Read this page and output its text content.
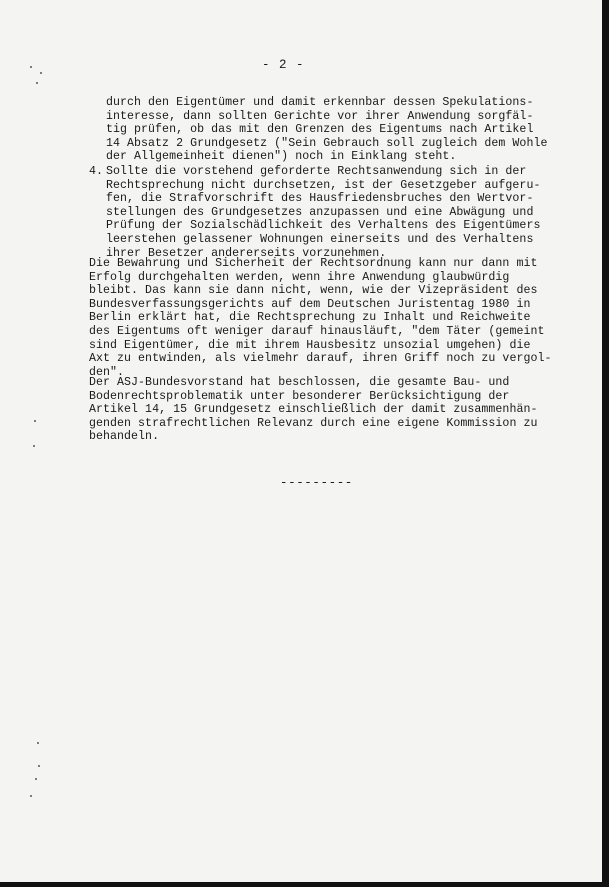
- 2 -

durch den Eigentümer und damit erkennbar dessen Spekulations-

interesse, dann sollten Gerichte vor ihrer Anwendung sorgfäl-

tig prüfen, ob das mit den Grenzen des Eigentums nach Artikel

14 Absatz 2 Grundgesetz ("Sein Gebrauch soll zugleich dem Wohle

der Allgemeinheit dienen") noch in Einklang steht.

4. Sollte die vorstehend geforderte Rechtsanwendung sich in der

Rechtsprechung nicht durchsetzen, ist der Gesetzgeber aufgeru-

fen, die Strafvorschrift des Hausfriedensbruches den Wertvor-

stellungen des Grundgesetzes anzupassen und eine Abwägung und

Prüfung der Sozialschädlichkeit des Verhaltens des Eigentümers

leerstehen gelassener Wohnungen einerseits und des Verhaltens

ihrer Besetzer andererseits vorzunehmen.

Die Bewahrung und Sicherheit der Rechtsordnung kann nur dann mit

Erfolg durchgehalten werden, wenn ihre Anwendung glaubwürdig

bleibt. Das kann sie dann nicht, wenn, wie der Vizepräsident des

Bundesverfassungsgerichts auf dem Deutschen Juristentag 1980 in

Berlin erklärt hat, die Rechtsprechung zu Inhalt und Reichweite

des Eigentums oft weniger darauf hinausläuft, "dem Täter (gemeint

sind Eigentümer, die mit ihrem Hausbesitz unsozial umgehen) die

Axt zu entwinden, als vielmehr darauf, ihren Griff noch zu vergol-

den".

Der ASJ-Bundesvorstand hat beschlossen, die gesamte Bau- und

Bodenrechtsproblematik unter besonderer Berücksichtigung der

Artikel 14, 15 Grundgesetz einschließlich der damit zusammenhän-

genden strafrechtlichen Relevanz durch eine eigene Kommission zu

behandeln.

---------
